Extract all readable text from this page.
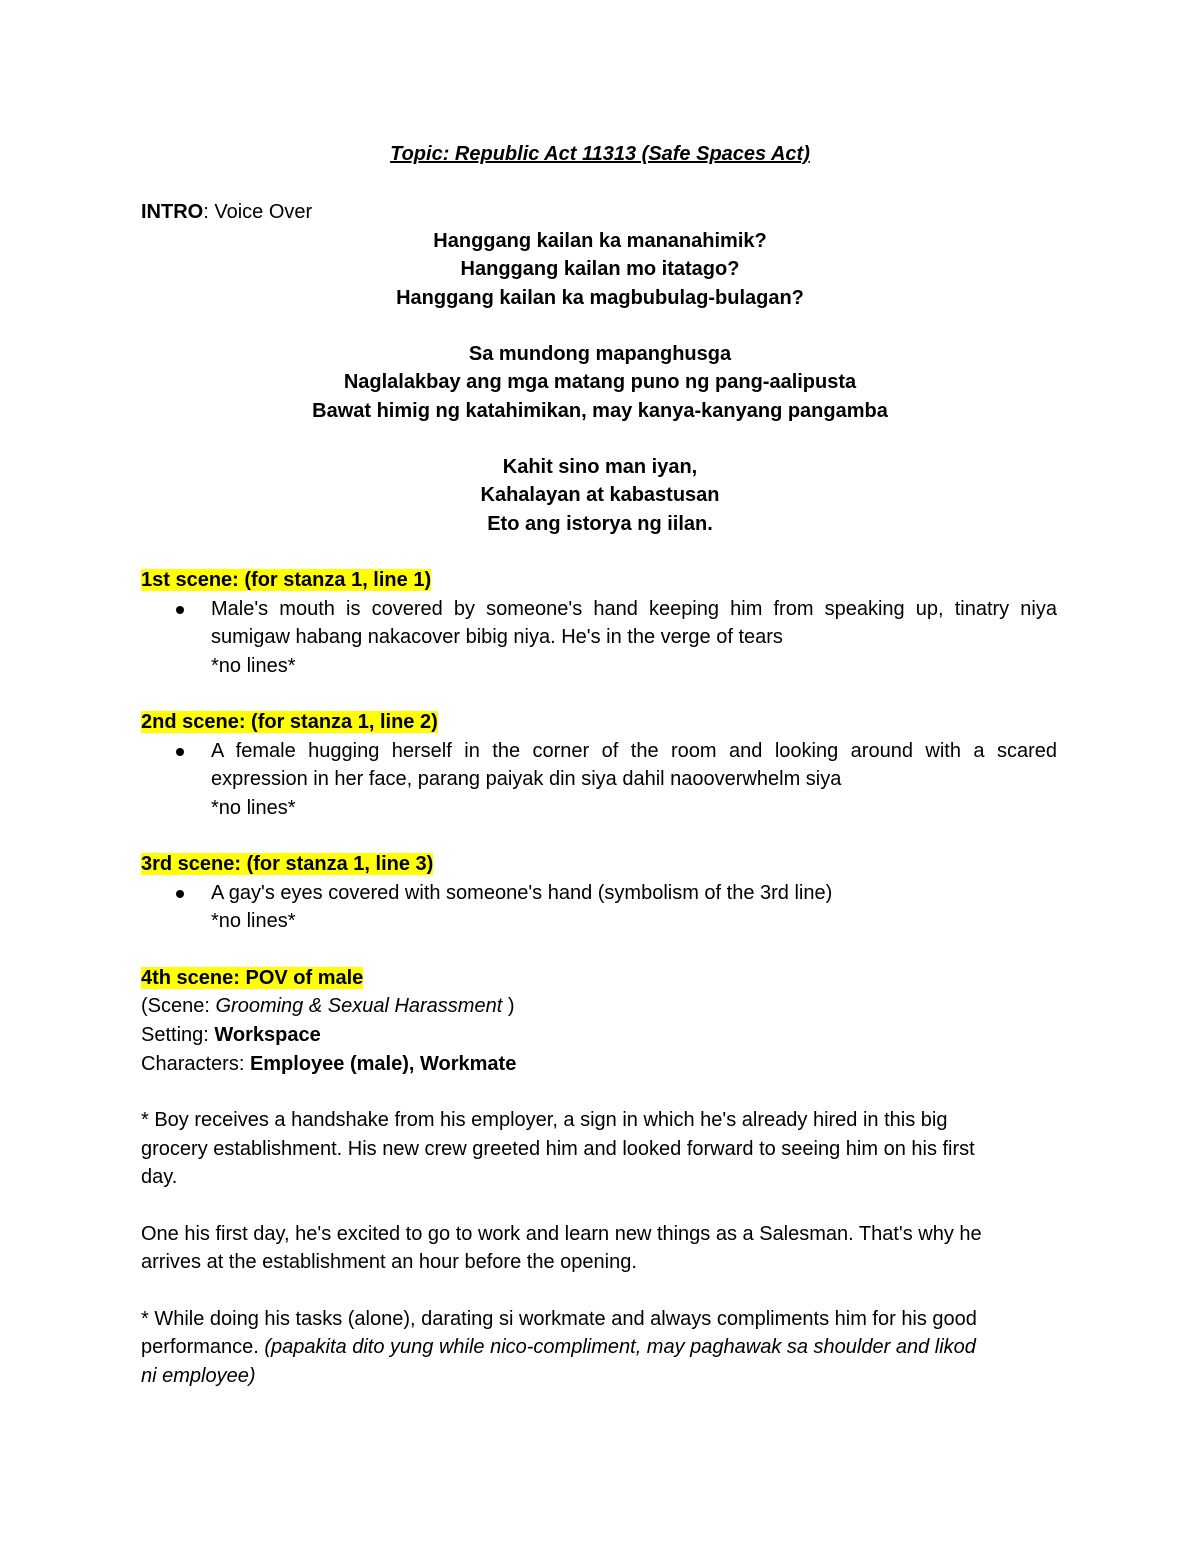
Topic: Republic Act 11313 (Safe Spaces Act)
INTRO: Voice Over
Hanggang kailan ka mananahimik?
Hanggang kailan mo itatago?
Hanggang kailan ka magbubulag-bulagan?
Sa mundong mapanghusga
Naglalakbay ang mga matang puno ng pang-aalipusta
Bawat himig ng katahimikan, may kanya-kanyang pangamba
Kahit sino man iyan,
Kahalayan at kabastusan
Eto ang istorya ng iilan.
1st scene: (for stanza 1, line 1)
Male's mouth is covered by someone's hand keeping him from speaking up, tinatry niya
sumigaw habang nakacover bibig niya. He's in the verge of tears
*no lines*
2nd scene: (for stanza 1, line 2)
A female hugging herself in the corner of the room and looking around with a scared
expression in her face, parang paiyak din siya dahil naooverwhelm siya
*no lines*
3rd scene: (for stanza 1, line 3)
A gay's eyes covered with someone's hand (symbolism of the 3rd line)
*no lines*
4th scene: POV of male
(Scene: Grooming & Sexual Harassment )
Setting: Workspace
Characters: Employee (male), Workmate
* Boy receives a handshake from his employer, a sign in which he's already hired in this big
grocery establishment. His new crew greeted him and looked forward to seeing him on his first
day.
One his first day, he's excited to go to work and learn new things as a Salesman. That's why he
arrives at the establishment an hour before the opening.
* While doing his tasks (alone), darating si workmate and always compliments him for his good
performance. (papakita dito yung while nico-compliment, may paghawak sa shoulder and likod
ni employee)
